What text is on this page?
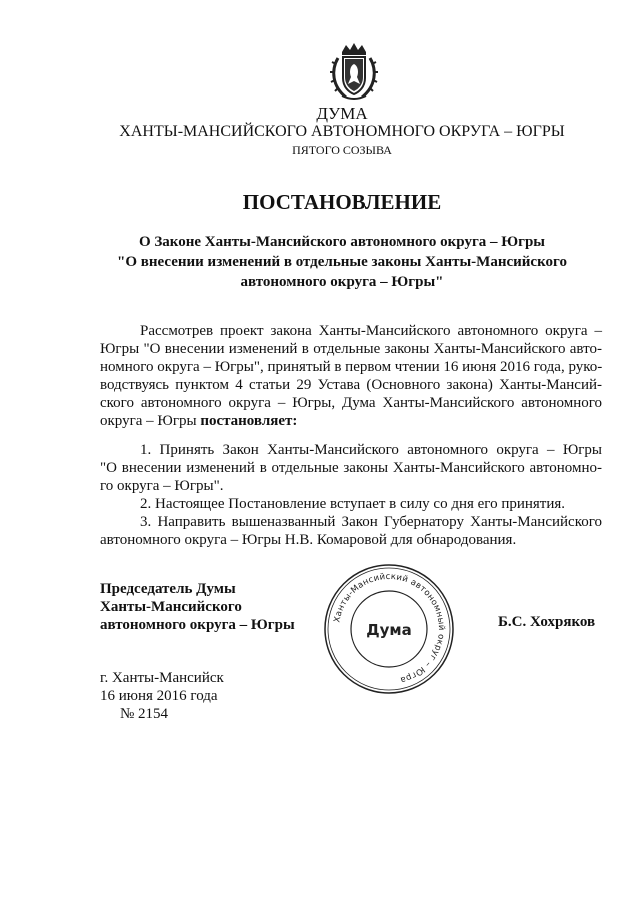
ДУМА
ХАНТЫ-МАНСИЙСКОГО АВТОНОМНОГО ОКРУГА – ЮГРЫ
ПЯТОГО СОЗЫВА
ПОСТАНОВЛЕНИЕ
О Законе Ханты-Мансийского автономного округа – Югры
"О внесении изменений в отдельные законы Ханты-Мансийского
автономного округа – Югры"
Рассмотрев проект закона Ханты-Мансийского автономного округа –
Югры "О внесении изменений в отдельные законы Ханты-Мансийского авто-
номного округа – Югры", принятый в первом чтении 16 июня 2016 года, руко-
водствуясь пунктом 4 статьи 29 Устава (Основного закона) Ханты-Мансий-
ского автономного округа – Югры, Дума Ханты-Мансийского автономного
округа – Югры постановляет:
1. Принять Закон Ханты-Мансийского автономного округа – Югры
"О внесении изменений в отдельные законы Ханты-Мансийского автономно-
го округа – Югры".
2. Настоящее Постановление вступает в силу со дня его принятия.
3. Направить вышеназванный Закон Губернатору Ханты-Мансийского
автономного округа – Югры Н.В. Комаровой для обнародования.
Председатель Думы
Ханты-Мансийского
автономного округа – Югры	Ханты-Мансийский автономный округ – Югра
Дума	Б.С. Хохряков
г. Ханты-Мансийск
16 июня 2016 года
№ 2154
